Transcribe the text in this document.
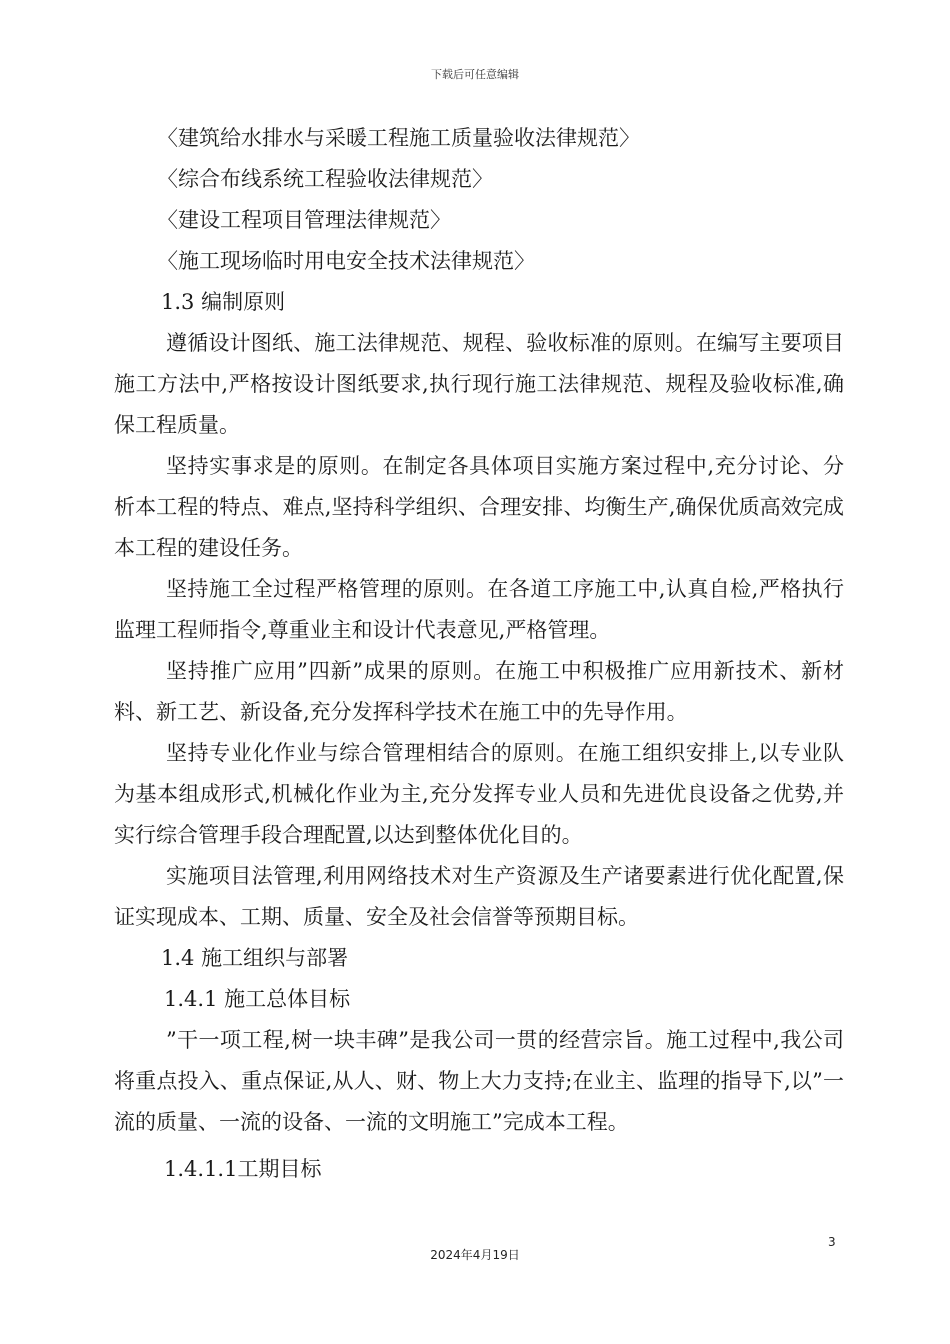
下载后可任意编辑
〈建筑给水排水与采暖工程施工质量验收法律规范〉
〈综合布线系统工程验收法律规范〉
〈建设工程项目管理法律规范〉
〈施工现场临时用电安全技术法律规范〉
1.3 编制原则
遵循设计图纸、施工法律规范、规程、验收标准的原则。在编写主要项目施工方法中,严格按设计图纸要求,执行现行施工法律规范、规程及验收标准,确保工程质量。
坚持实事求是的原则。在制定各具体项目实施方案过程中,充分讨论、分析本工程的特点、难点,坚持科学组织、合理安排、均衡生产,确保优质高效完成本工程的建设任务。
坚持施工全过程严格管理的原则。在各道工序施工中,认真自检,严格执行监理工程师指令,尊重业主和设计代表意见,严格管理。
坚持推广应用”四新”成果的原则。在施工中积极推广应用新技术、新材料、新工艺、新设备,充分发挥科学技术在施工中的先导作用。
坚持专业化作业与综合管理相结合的原则。在施工组织安排上,以专业队为基本组成形式,机械化作业为主,充分发挥专业人员和先进优良设备之优势,并实行综合管理手段合理配置,以达到整体优化目的。
实施项目法管理,利用网络技术对生产资源及生产诸要素进行优化配置,保证实现成本、工期、质量、安全及社会信誉等预期目标。
1.4 施工组织与部署
1.4.1 施工总体目标
”干一项工程,树一块丰碑”是我公司一贯的经营宗旨。施工过程中,我公司将重点投入、重点保证,从人、财、物上大力支持;在业主、监理的指导下,以”一流的质量、一流的设备、一流的文明施工”完成本工程。
1.4.1.1工期目标
3
2024年4月19日
